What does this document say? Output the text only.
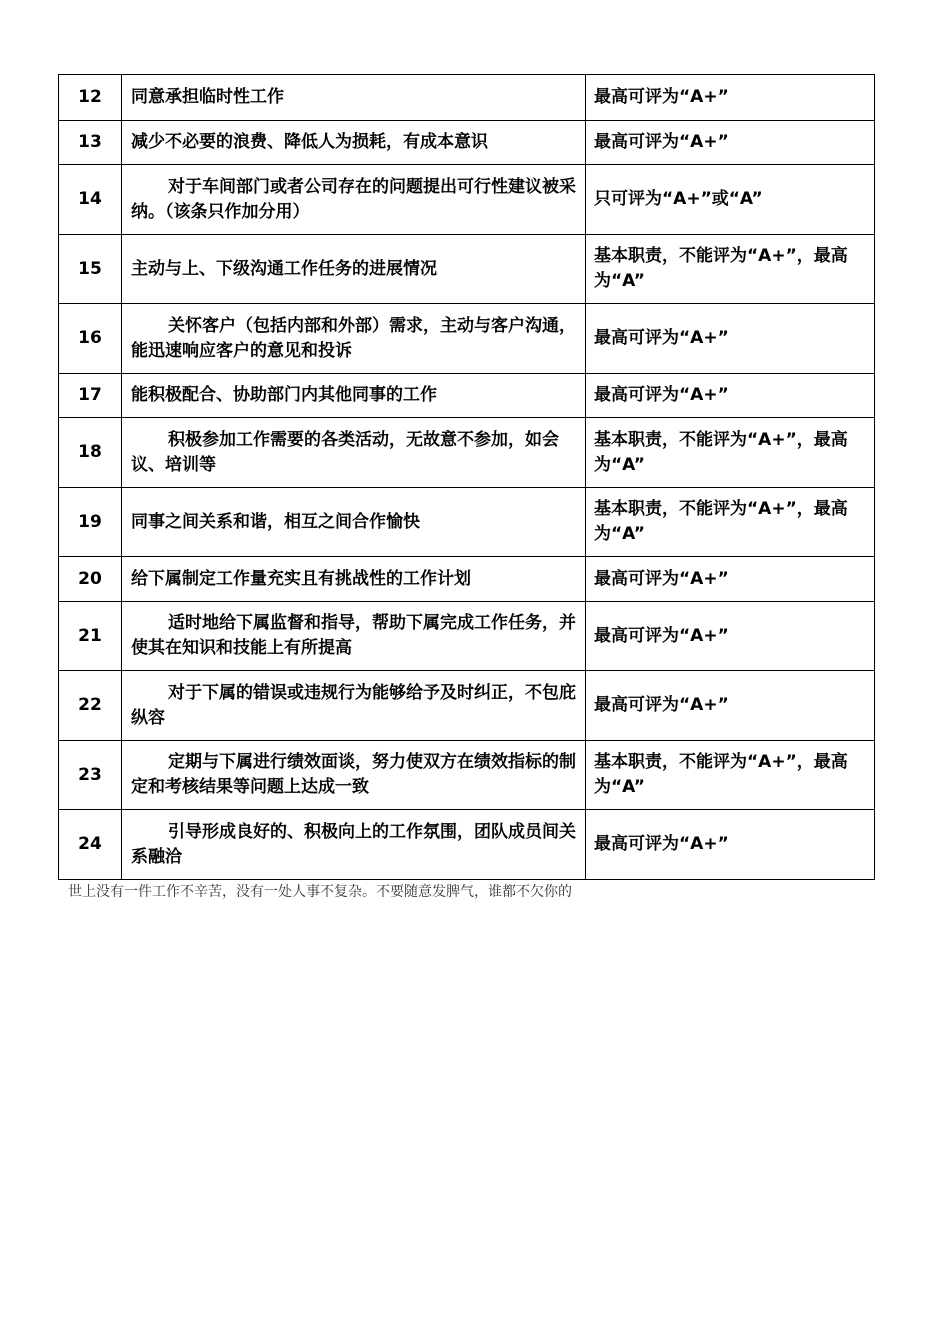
12	同意承担临时性工作	最高可评为“A+”
13	减少不必要的浪费、降低人为损耗，有成本意识	最高可评为“A+”
14	对于车间部门或者公司存在的问题提出可行性建议被采纳。（该条只作加分用）	只可评为“A+”或“A”
15	主动与上、下级沟通工作任务的进展情况	基本职责，不能评为“A+”，最高为“A”
16	关怀客户（包括内部和外部）需求，主动与客户沟通，能迅速响应客户的意见和投诉	最高可评为“A+”
17	能积极配合、协助部门内其他同事的工作	最高可评为“A+”
18	积极参加工作需要的各类活动，无故意不参加，如会议、培训等	基本职责，不能评为“A+”，最高为“A”
19	同事之间关系和谐，相互之间合作愉快	基本职责，不能评为“A+”，最高为“A”
20	给下属制定工作量充实且有挑战性的工作计划	最高可评为“A+”
21	适时地给下属监督和指导，帮助下属完成工作任务，并使其在知识和技能上有所提高	最高可评为“A+”
22	对于下属的错误或违规行为能够给予及时纠正，不包庇纵容	最高可评为“A+”
23	定期与下属进行绩效面谈，努力使双方在绩效指标的制定和考核结果等问题上达成一致	基本职责，不能评为“A+”，最高为“A”
24	引导形成良好的、积极向上的工作氛围，团队成员间关系融洽	最高可评为“A+”
世上没有一件工作不辛苦，没有一处人事不复杂。不要随意发脾气，谁都不欠你的
